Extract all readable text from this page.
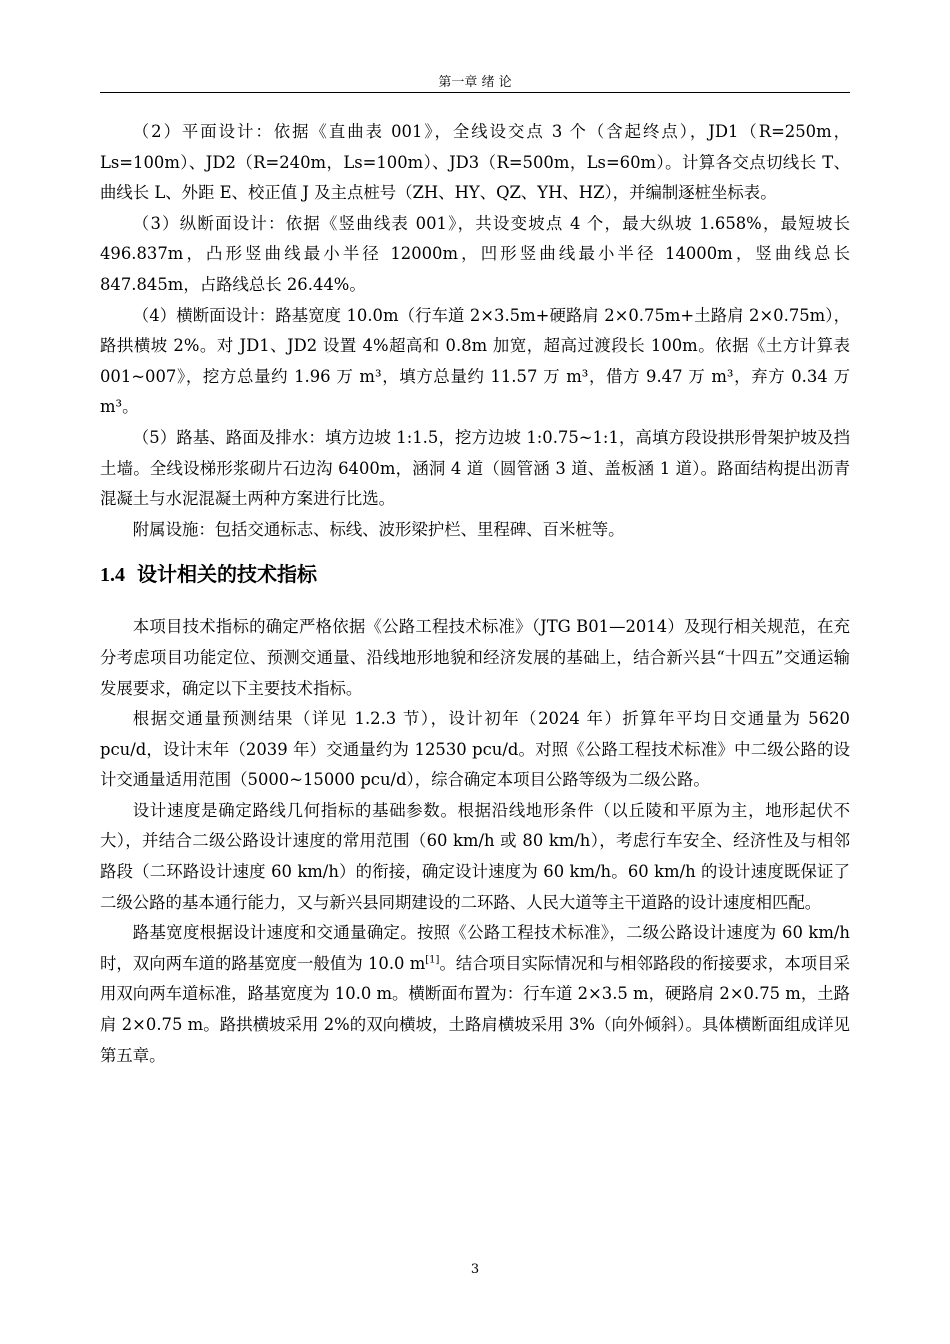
第一章 绪 论

（2）平面设计：依据《直曲表 001》，全线设交点 3 个（含起终点），JD1（R=250m，Ls=100m）、JD2（R=240m，Ls=100m）、JD3（R=500m，Ls=60m）。计算各交点切线长 T、曲线长 L、外距 E、校正值 J 及主点桩号（ZH、HY、QZ、YH、HZ），并编制逐桩坐标表。

（3）纵断面设计：依据《竖曲线表 001》，共设变坡点 4 个，最大纵坡 1.658%，最短坡长 496.837m，凸形竖曲线最小半径 12000m，凹形竖曲线最小半径 14000m，竖曲线总长 847.845m，占路线总长 26.44%。

（4）横断面设计：路基宽度 10.0m（行车道 2×3.5m+硬路肩 2×0.75m+土路肩 2×0.75m），路拱横坡 2%。对 JD1、JD2 设置 4%超高和 0.8m 加宽，超高过渡段长 100m。依据《土方计算表 001~007》，挖方总量约 1.96 万 m³，填方总量约 11.57 万 m³，借方 9.47 万 m³，弃方 0.34 万 m³。

（5）路基、路面及排水：填方边坡 1:1.5，挖方边坡 1:0.75~1:1，高填方段设拱形骨架护坡及挡土墙。全线设梯形浆砌片石边沟 6400m，涵洞 4 道（圆管涵 3 道、盖板涵 1 道）。路面结构提出沥青混凝土与水泥混凝土两种方案进行比选。

附属设施：包括交通标志、标线、波形梁护栏、里程碑、百米桩等。

1.4 设计相关的技术指标

本项目技术指标的确定严格依据《公路工程技术标准》（JTG B01—2014）及现行相关规范，在充分考虑项目功能定位、预测交通量、沿线地形地貌和经济发展的基础上，结合新兴县“十四五”交通运输发展要求，确定以下主要技术指标。

根据交通量预测结果（详见 1.2.3 节），设计初年（2024 年）折算年平均日交通量为 5620 pcu/d，设计末年（2039 年）交通量约为 12530 pcu/d。对照《公路工程技术标准》中二级公路的设计交通量适用范围（5000~15000 pcu/d），综合确定本项目公路等级为二级公路。

设计速度是确定路线几何指标的基础参数。根据沿线地形条件（以丘陵和平原为主，地形起伏不大），并结合二级公路设计速度的常用范围（60 km/h 或 80 km/h），考虑行车安全、经济性及与相邻路段（二环路设计速度 60 km/h）的衔接，确定设计速度为 60 km/h。60 km/h 的设计速度既保证了二级公路的基本通行能力，又与新兴县同期建设的二环路、人民大道等主干道路的设计速度相匹配。

路基宽度根据设计速度和交通量确定。按照《公路工程技术标准》，二级公路设计速度为 60 km/h 时，双向两车道的路基宽度一般值为 10.0 m[1]。结合项目实际情况和与相邻路段的衔接要求，本项目采用双向两车道标准，路基宽度为 10.0 m。横断面布置为：行车道 2×3.5 m，硬路肩 2×0.75 m，土路肩 2×0.75 m。路拱横坡采用 2%的双向横坡，土路肩横坡采用 3%（向外倾斜）。具体横断面组成详见第五章。

3
